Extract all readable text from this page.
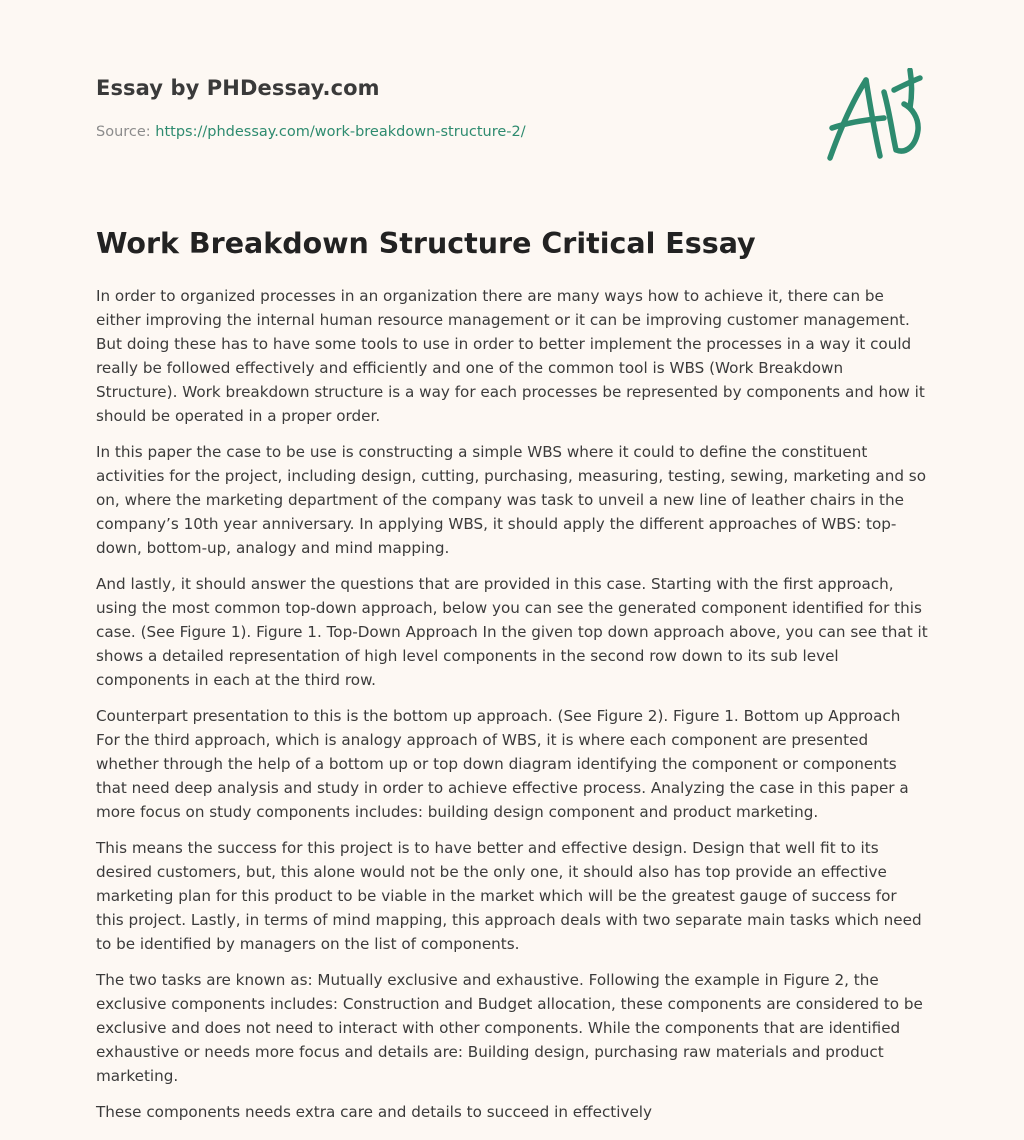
Essay by PHDessay.com
Source: https://phdessay.com/work-breakdown-structure-2/
Work Breakdown Structure Critical Essay

In order to organized processes in an organization there are many ways how to achieve it, there can be either improving the internal human resource management or it can be improving customer management. But doing these has to have some tools to use in order to better implement the processes in a way it could really be followed effectively and efficiently and one of the common tool is WBS (Work Breakdown Structure). Work breakdown structure is a way for each processes be represented by components and how it should be operated in a proper order.

In this paper the case to be use is constructing a simple WBS where it could to define the constituent activities for the project, including design, cutting, purchasing, measuring, testing, sewing, marketing and so on, where the marketing department of the company was task to unveil a new line of leather chairs in the company’s 10th year anniversary. In applying WBS, it should apply the different approaches of WBS: top-down, bottom-up, analogy and mind mapping.

And lastly, it should answer the questions that are provided in this case. Starting with the first approach, using the most common top-down approach, below you can see the generated component identified for this case. (See Figure 1). Figure 1. Top-Down Approach In the given top down approach above, you can see that it shows a detailed representation of high level components in the second row down to its sub level components in each at the third row.

Counterpart presentation to this is the bottom up approach. (See Figure 2). Figure 1. Bottom up Approach For the third approach, which is analogy approach of WBS, it is where each component are presented whether through the help of a bottom up or top down diagram identifying the component or components that need deep analysis and study in order to achieve effective process. Analyzing the case in this paper a more focus on study components includes: building design component and product marketing.

This means the success for this project is to have better and effective design. Design that well fit to its desired customers, but, this alone would not be the only one, it should also has top provide an effective marketing plan for this product to be viable in the market which will be the greatest gauge of success for this project. Lastly, in terms of mind mapping, this approach deals with two separate main tasks which need to be identified by managers on the list of components.

The two tasks are known as: Mutually exclusive and exhaustive. Following the example in Figure 2, the exclusive components includes: Construction and Budget allocation, these components are considered to be exclusive and does not need to interact with other components. While the components that are identified exhaustive or needs more focus and details are: Building design, purchasing raw materials and product marketing.

These components needs extra care and details to succeed in effectively
